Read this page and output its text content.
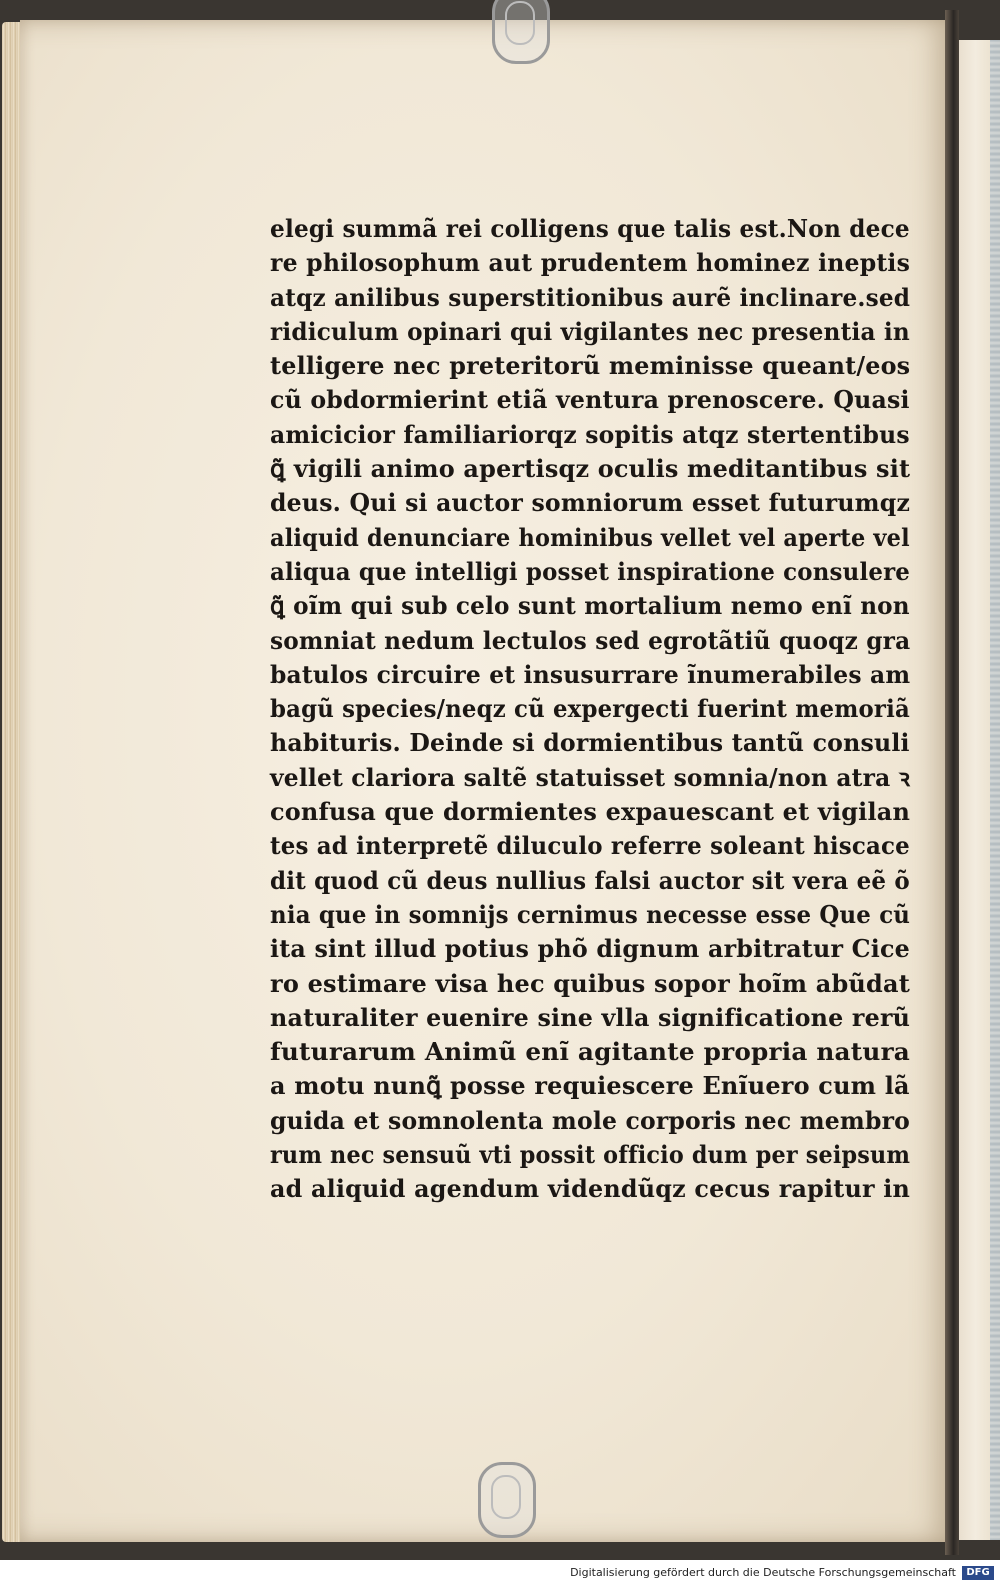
elegi summã rei colligens que talis est.Non dece
re philosophum aut prudentem hominez ineptis
atqz anilibus superstitionibus aurẽ inclinare.sed
ridiculum opinari qui vigilantes nec presentia in
telligere nec preteritorũ meminisse queant/eos
cũ obdormierint etiã ventura prenoscere. Quasi
amicicior familiariorqz sopitis atqz stertentibus
ꝗ̃ vigili animo apertisqz oculis meditantibus sit
deus. Qui si auctor somniorum esset futurumqz
aliquid denunciare hominibus vellet vel aperte vel
aliqua que intelligi posset inspiratione consulere
ꝗ̃ oĩm qui sub celo sunt mortalium nemo enĩ non
somniat nedum lectulos sed egrotãtiũ quoqz gra
batulos circuire et insusurrare ĩnumerabiles am
bagũ species/neqz cũ expergecti fuerint memoriã
habituris. Deinde si dormientibus tantũ consuli
vellet clariora saltẽ statuisset somnia/non atra ꝛ
confusa que dormientes expauescant et vigilan
tes ad interpretẽ diluculo referre soleant hiscace
dit quod cũ deus nullius falsi auctor sit vera eẽ õ
nia que in somnijs cernimus necesse esse Que cũ
ita sint illud potius phõ dignum arbitratur Cice
ro estimare visa hec quibus sopor hoĩm abũdat
naturaliter euenire sine vlla significatione rerũ
futurarum Animũ enĩ agitante propria natura
a motu nunꝗ̃ posse requiescere Enĩuero cum lã
guida et somnolenta mole corporis nec membro
rum nec sensuũ vti possit officio dum per seipsum
ad aliquid agendum videndũqz cecus rapitur in
Digitalisierung gefördert durch die Deutsche Forschungsgemeinschaft	DFG
